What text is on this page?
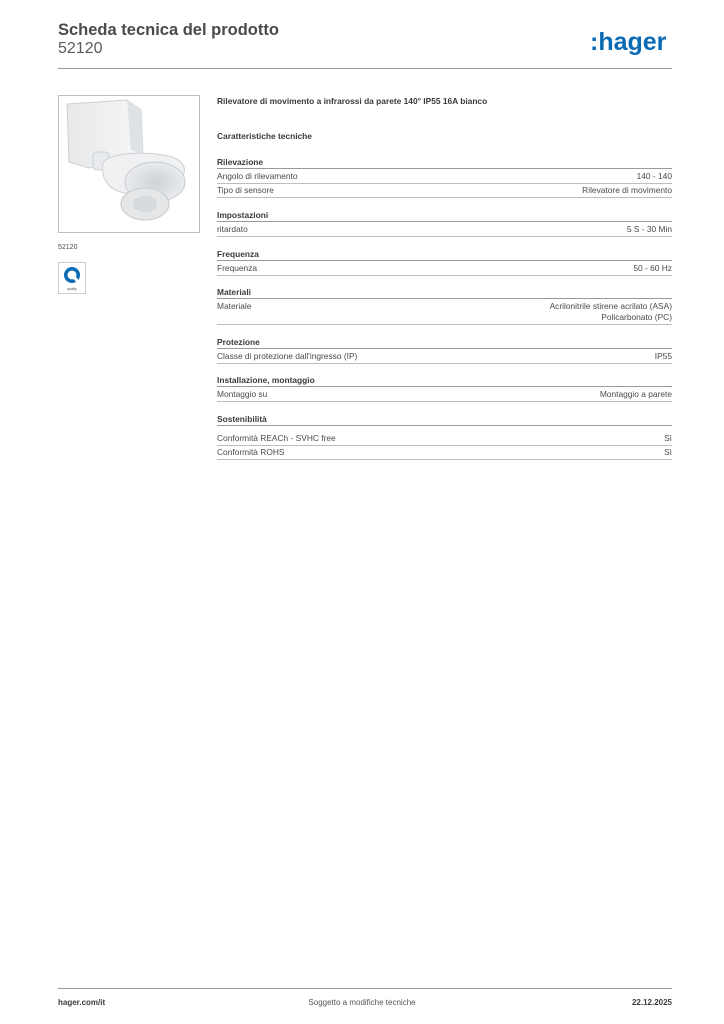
Scheda tecnica del prodotto
52120	:hager
52120
quality
Rilevatore di movimento a infrarossi da parete 140° IP55 16A bianco
Caratteristiche tecniche
Rilevazione
Angolo di rilevamento	140 - 140
Tipo di sensore	Rilevatore di movimento
Impostazioni
ritardato	5 S - 30 Min
Frequenza
Frequenza	50 - 60 Hz
Materiali
Materiale	Acrilonitrile stirene acrilato (ASA)
Policarbonato (PC)
Protezione
Classe di protezione dall'ingresso (IP)	IP55
Installazione, montaggio
Montaggio su	Montaggio a parete
Sostenibilità
Conformità REACh - SVHC free	Sì
Conformità ROHS	Sì
hager.com/it	Soggetto a modifiche tecniche	22.12.2025
